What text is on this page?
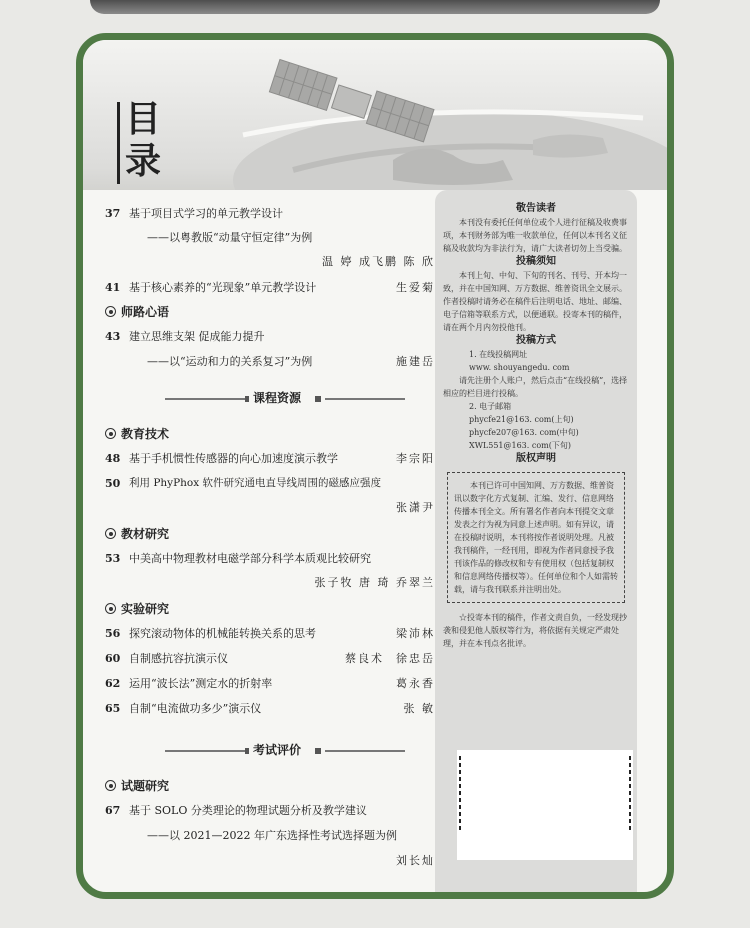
目
录
37 基于项目式学习的单元教学设计
——以粤教版“动量守恒定律”为例
温 婷 成飞鹏 陈 欣
41 基于核心素养的“光现象”单元教学设计	生爱菊
师路心语
43 建立思维支架 促成能力提升
——以“运动和力的关系复习”为例	施建岳
课程资源
教育技术
48 基于手机惯性传感器的向心加速度演示教学	李宗阳
50 利用 PhyPhox 软件研究通电直导线周围的磁感应强度
张潇尹
教材研究
53 中美高中物理教材电磁学部分科学本质观比较研究
张子牧 唐 琦 乔翠兰
实验研究
56 探究滚动物体的机械能转换关系的思考	梁沛林
60 自制感抗容抗演示仪	蔡良术 徐忠岳
62 运用“波长法”测定水的折射率	葛永香
65 自制“电流做功多少”演示仪	张 敏
考试评价
试题研究
67 基于 SOLO 分类理论的物理试题分析及教学建议
——以 2021—2022 年广东选择性考试选择题为例
刘长灿
敬告读者

本刊没有委托任何单位或个人进行征稿及收费事项，本刊财务部为唯一收款单位，任何以本刊名义征稿及收款均为非法行为，请广大读者切勿上当受骗。

投稿须知

本刊上旬、中旬、下旬的刊名、刊号、开本均一致，并在中国知网、万方数据、维普资讯全文展示。作者投稿时请务必在稿件后注明电话、地址、邮编、电子信箱等联系方式，以便通联。投寄本刊的稿件，请在两个月内勿投他刊。

投稿方式

1. 在线投稿网址

www. shouyangedu. com

请先注册个人账户，然后点击“在线投稿”，选择相应的栏目进行投稿。

2. 电子邮箱

phycfe21@163. com(上旬)

phycfe207@163. com(中旬)

XWL551@163. com(下旬)

版权声明

本刊已许可中国知网、万方数据、维普资讯以数字化方式复制、汇编、发行、信息网络传播本刊全文。所有署名作者向本刊提交文章发表之行为视为同意上述声明。如有异议，请在投稿时说明，本刊将按作者说明处理。凡被我刊稿件，一经刊用，即视为作者同意授予我刊该作品的修改权和专有使用权（包括复制权和信息网络传播权等）。任何单位和个人如需转载，请与我刊联系并注明出处。

☆投寄本刊的稿件，作者文责自负，一经发现抄袭和侵犯他人版权等行为，将依据有关规定严肃处理，并在本刊点名批评。
